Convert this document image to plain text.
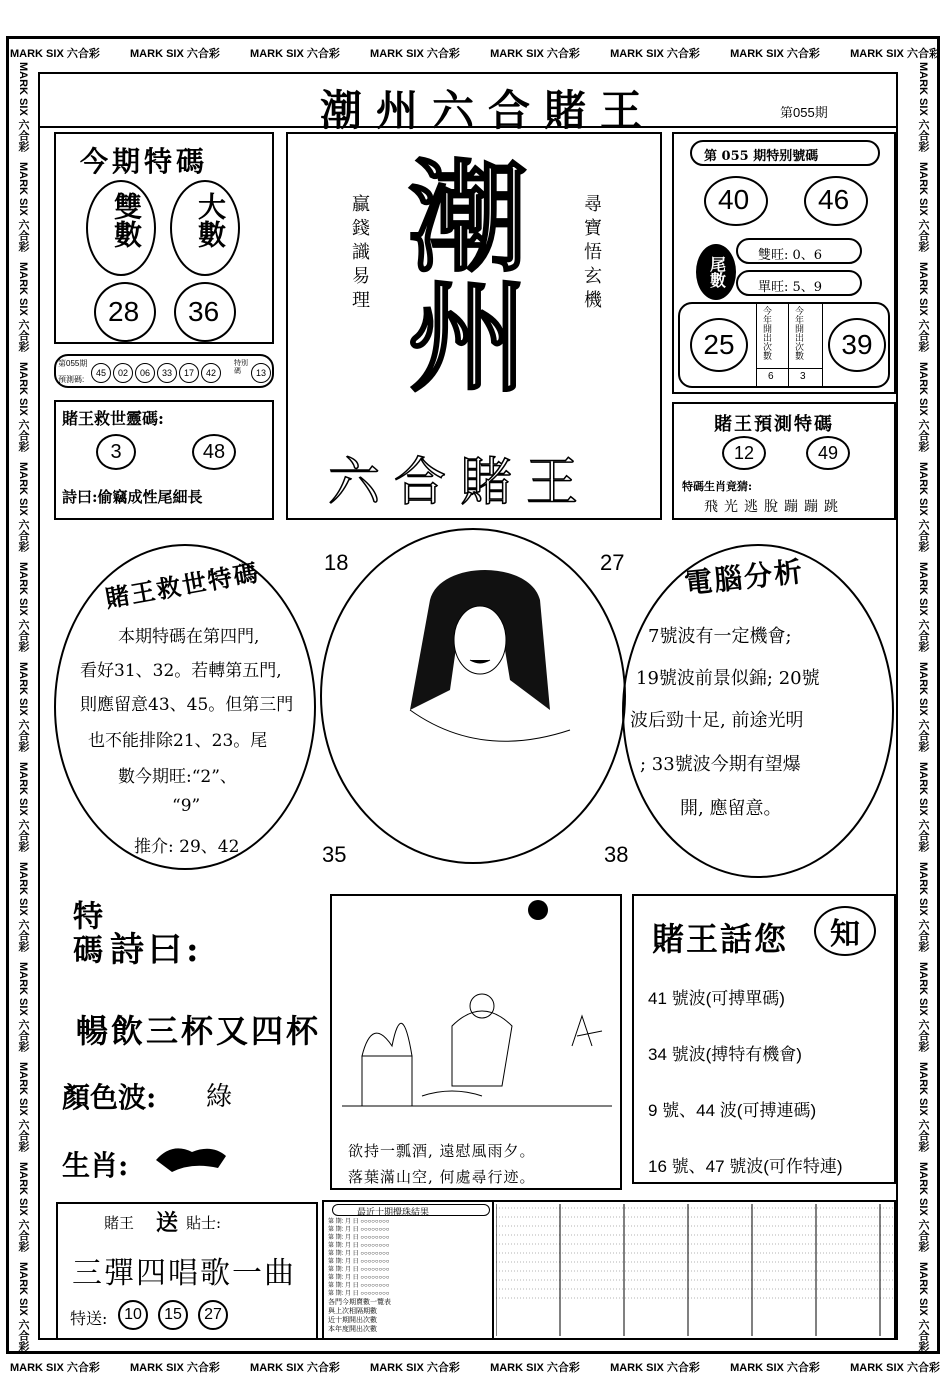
MARK SIX 六合彩	MARK SIX 六合彩	MARK SIX 六合彩	MARK SIX 六合彩	MARK SIX 六合彩	MARK SIX 六合彩	MARK SIX 六合彩	MARK SIX 六合彩
MARK SIX 六合彩	MARK SIX 六合彩	MARK SIX 六合彩	MARK SIX 六合彩	MARK SIX 六合彩	MARK SIX 六合彩	MARK SIX 六合彩	MARK SIX 六合彩
MARK SIX 六合彩
MARK SIX 六合彩
MARK SIX 六合彩
MARK SIX 六合彩
MARK SIX 六合彩
MARK SIX 六合彩
MARK SIX 六合彩
MARK SIX 六合彩
MARK SIX 六合彩
MARK SIX 六合彩
MARK SIX 六合彩
MARK SIX 六合彩
MARK SIX 六合彩
MARK SIX 六合彩
MARK SIX 六合彩
MARK SIX 六合彩
MARK SIX 六合彩
MARK SIX 六合彩
MARK SIX 六合彩
MARK SIX 六合彩
MARK SIX 六合彩
MARK SIX 六合彩
MARK SIX 六合彩
MARK SIX 六合彩
MARK SIX 六合彩
MARK SIX 六合彩
潮州六合賭王	第055期
今期特碼
雙數 大數
28 36
第055期
預測碼:
45	02	06	33	17	42
特別碼	13
賭王救世靈碼:
3	48
詩曰:偷竊成性尾細長
潮州
贏錢識易理	尋寶悟玄機
六合賭王
第 055 期特别號碼
40 46
尾數
雙旺: 0、6
單旺: 5、9
25	今年開出次數 今年開出次數
6	3
39
賭王預測特碼
12	49
特碼生肖竟猜:
飛光逃脫蹦蹦跳
賭王救世特碼
本期特碼在第四門,
看好31、32。若轉第五門,
則應留意43、45。但第三門
也不能排除21、23。尾
數今期旺:“2”、
“9”
推介: 29、42
18	27
35	38
電腦分析
7號波有一定機會;
19號波前景似錦; 20號
波后勁十足, 前途光明
; 33號波今期有望爆
開, 應留意。
特碼 詩曰:
暢飲三杯又四杯
顏色波: 綠
生肖:	欲持一瓢酒, 遠慰風雨夕。
落葉滿山空, 何處尋行迹。
賭王話您	知
41 號波(可搏單碼)
34 號波(搏特有機會)
9 號、44 波(可搏連碼)
16 號、47 號波(可作特連)
賭王 送 貼士:
三彈四唱歌一曲
特送:	10	15	27
最近十期攪珠結果
第 期: 月 日 ○○○○○○○○
第 期: 月 日 ○○○○○○○○
第 期: 月 日 ○○○○○○○○
第 期: 月 日 ○○○○○○○○
第 期: 月 日 ○○○○○○○○
第 期: 月 日 ○○○○○○○○
第 期: 月 日 ○○○○○○○○
第 期: 月 日 ○○○○○○○○
第 期: 月 日 ○○○○○○○○
第 期: 月 日 ○○○○○○○○
各門今期賣數一覽表
與上次相隔期數
近十期開出次數
本年度開出次數
